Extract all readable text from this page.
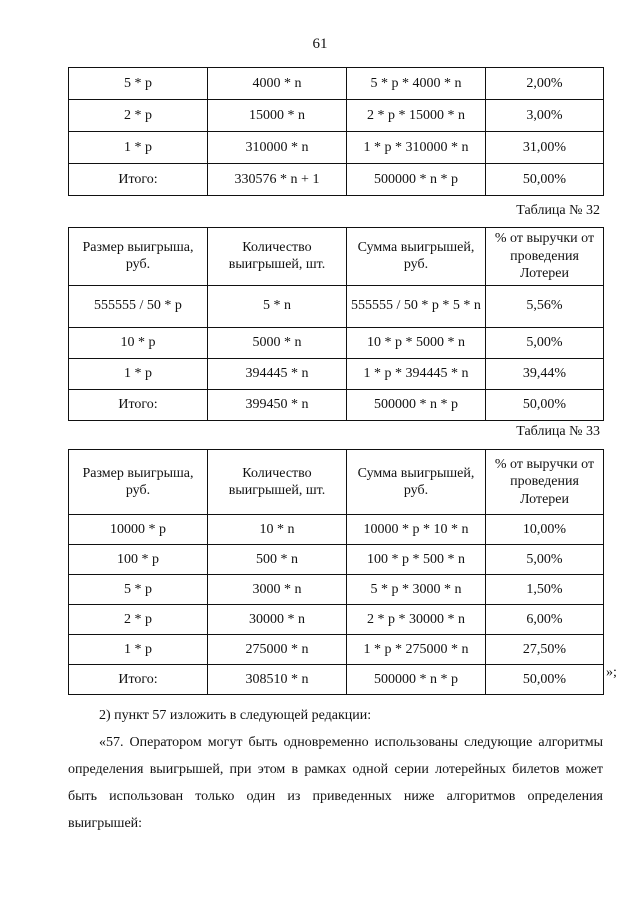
61
5 * p	4000 * n	5 * p * 4000 * n	2,00%
2 * p	15000 * n	2 * p * 15000 * n	3,00%
1 * p	310000 * n	1 * p * 310000 * n	31,00%
Итого:	330576 * n + 1	500000 * n * p	50,00%
Таблица № 32
Размер выигрыша, руб.	Количество выигрышей, шт.	Сумма выигрышей, руб.	% от выручки от проведения Лотереи
555555 / 50 * p	5 * n	555555 / 50 * p * 5 * n	5,56%
10 * p	5000 * n	10 * p * 5000 * n	5,00%
1 * p	394445 * n	1 * p * 394445 * n	39,44%
Итого:	399450 * n	500000 * n * p	50,00%
Таблица № 33
Размер выигрыша, руб.	Количество выигрышей, шт.	Сумма выигрышей, руб.	% от выручки от проведения Лотереи
10000 * p	10 * n	10000 * p * 10 * n	10,00%
100 * p	500 * n	100 * p * 500 * n	5,00%
5 * p	3000 * n	5 * p * 3000 * n	1,50%
2 * p	30000 * n	2 * p * 30000 * n	6,00%
1 * p	275000 * n	1 * p * 275000 * n	27,50%
Итого:	308510 * n	500000 * n * p	50,00%	»;
2) пункт 57 изложить в следующей редакции:
«57. Оператором могут быть одновременно использованы следующие алгоритмы определения выигрышей, при этом в рамках одной серии лотерейных билетов может быть использован только один из приведенных ниже алгоритмов определения выигрышей:
